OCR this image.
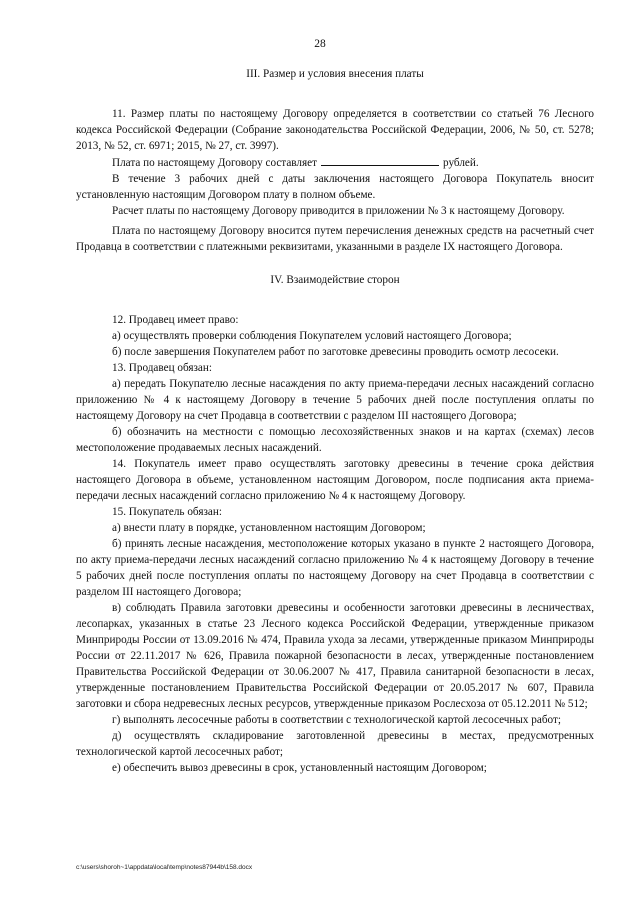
28
III. Размер и условия внесения платы

11. Размер платы по настоящему Договору определяется в соответствии со статьей 76 Лесного кодекса Российской Федерации (Собрание законодательства Российской Федерации, 2006, № 50, ст. 5278; 2013, № 52, ст. 6971; 2015, № 27, ст. 3997).

Плата по настоящему Договору составляет	рублей.

В течение 3 рабочих дней с даты заключения настоящего Договора Покупатель вносит установленную настоящим Договором плату в полном объеме.

Расчет платы по настоящему Договору приводится в приложении № 3 к настоящему Договору.

Плата по настоящему Договору вносится путем перечисления денежных средств на расчетный счет Продавца в соответствии с платежными реквизитами, указанными в разделе IX настоящего Договора.

IV. Взаимодействие сторон

12. Продавец имеет право:

а) осуществлять проверки соблюдения Покупателем условий настоящего Договора;

б) после завершения Покупателем работ по заготовке древесины проводить осмотр лесосеки.

13. Продавец обязан:

а) передать Покупателю лесные насаждения по акту приема-передачи лесных насаждений согласно приложению № 4 к настоящему Договору в течение 5 рабочих дней после поступления оплаты по настоящему Договору на счет Продавца в соответствии с разделом III настоящего Договора;

б) обозначить на местности с помощью лесохозяйственных знаков и на картах (схемах) лесов местоположение продаваемых лесных насаждений.

14. Покупатель имеет право осуществлять заготовку древесины в течение срока действия настоящего Договора в объеме, установленном настоящим Договором, после подписания акта приема-передачи лесных насаждений согласно приложению № 4 к настоящему Договору.

15. Покупатель обязан:

а) внести плату в порядке, установленном настоящим Договором;

б) принять лесные насаждения, местоположение которых указано в пункте 2 настоящего Договора, по акту приема-передачи лесных насаждений согласно приложению № 4 к настоящему Договору в течение 5 рабочих дней после поступления оплаты по настоящему Договору на счет Продавца в соответствии с разделом III настоящего Договора;

в) соблюдать Правила заготовки древесины и особенности заготовки древесины в лесничествах, лесопарках, указанных в статье 23 Лесного кодекса Российской Федерации, утвержденные приказом Минприроды России от 13.09.2016 № 474, Правила ухода за лесами, утвержденные приказом Минприроды России от 22.11.2017 № 626, Правила пожарной безопасности в лесах, утвержденные постановлением Правительства Российской Федерации от 30.06.2007 № 417, Правила санитарной безопасности в лесах, утвержденные постановлением Правительства Российской Федерации от 20.05.2017 № 607, Правила заготовки и сбора недревесных лесных ресурсов, утвержденные приказом Рослесхоза от 05.12.2011 № 512;

г) выполнять лесосечные работы в соответствии с технологической картой лесосечных работ;

д) осуществлять складирование заготовленной древесины в местах, предусмотренных технологической картой лесосечных работ;

е) обеспечить вывоз древесины в срок, установленный настоящим Договором;

c:\users\shoroh~1\appdata\local\temp\notes87944b\158.docx
